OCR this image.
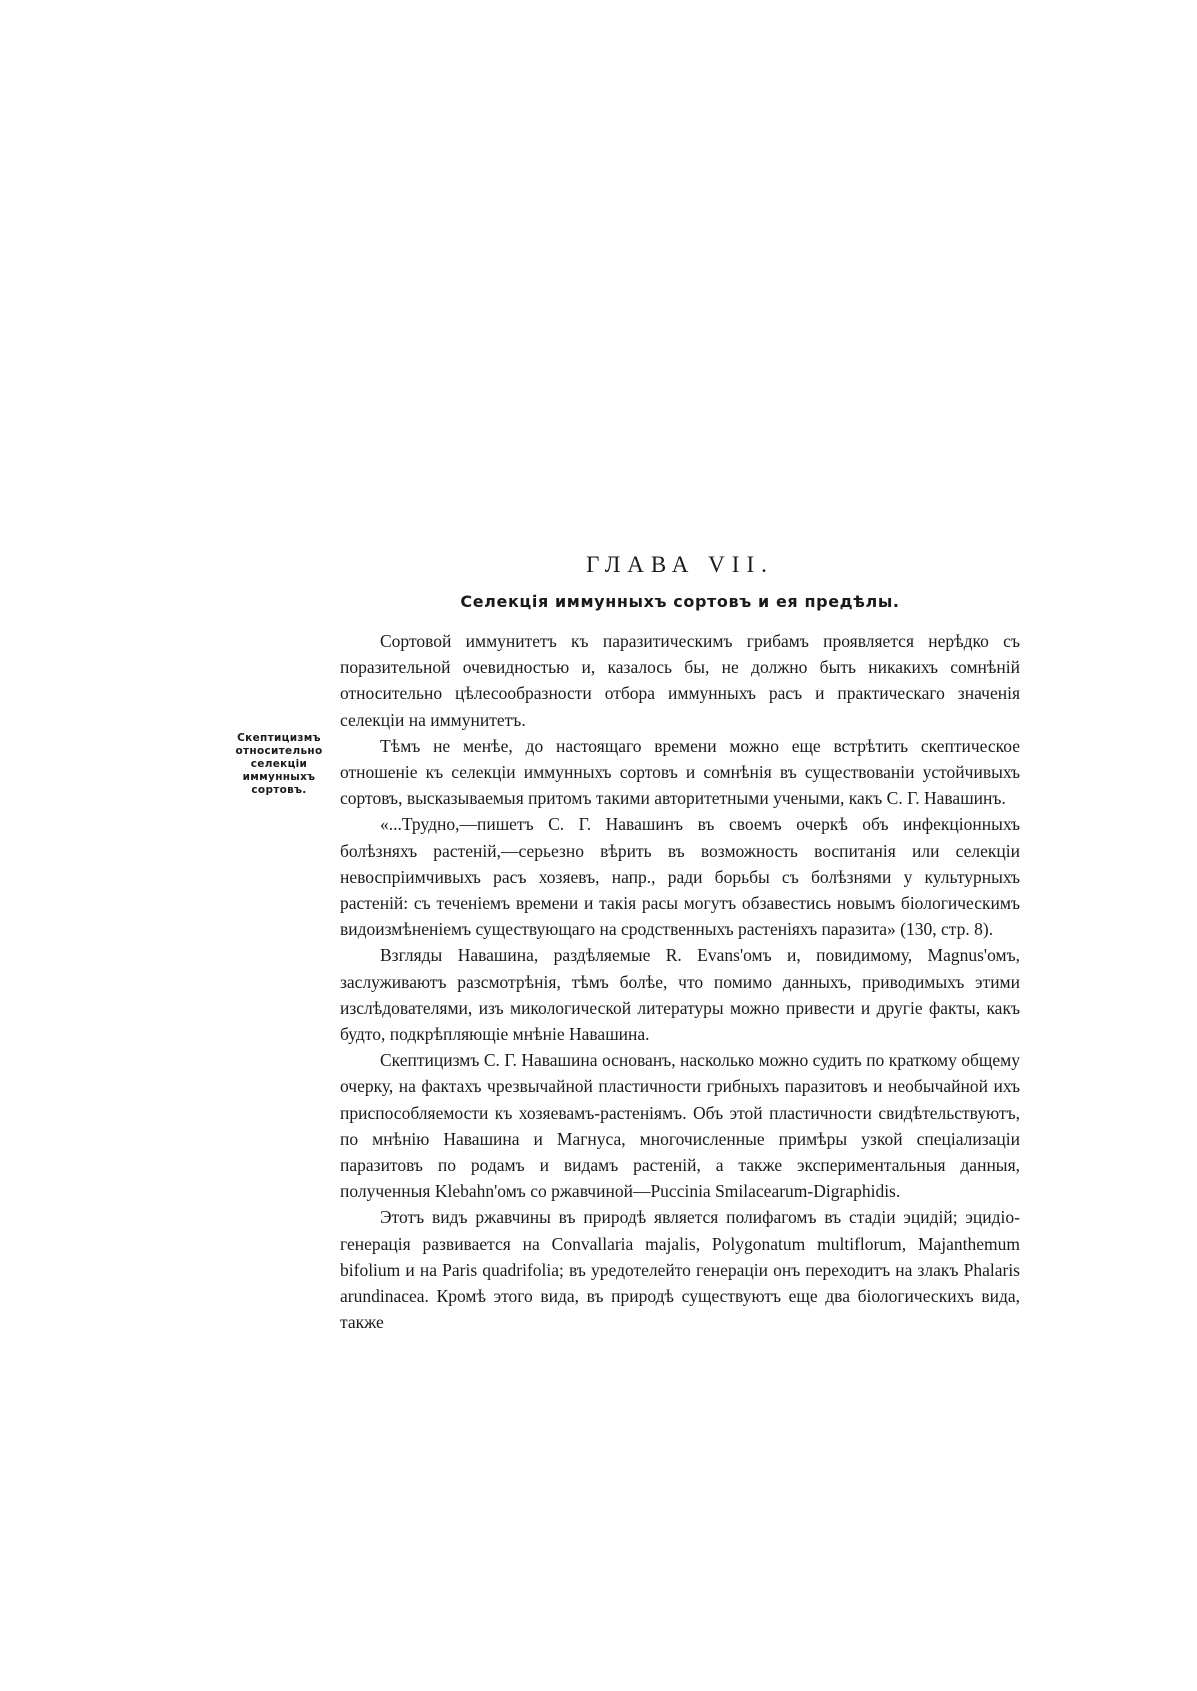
ГЛАВА VII.
Селекція иммунныхъ сортовъ и ея предѣлы.
Скептицизмъ относительно селекціи иммунныхъ сортовъ.

Сортовой иммунитетъ къ паразитическимъ грибамъ проявляется нерѣдко съ поразительной очевидностью и, казалось бы, не должно быть никакихъ сомнѣній относительно цѣлесообразности отбора иммунныхъ расъ и практическаго значенія селекціи на иммунитетъ.

Тѣмъ не менѣе, до настоящаго времени можно еще встрѣтить скептическое отношеніе къ селекціи иммунныхъ сортовъ и сомнѣнія въ существованіи устойчивыхъ сортовъ, высказываемыя притомъ такими авторитетными учеными, какъ С. Г. Навашинъ.

«...Трудно,—пишетъ С. Г. Навашинъ въ своемъ очеркѣ объ инфекціонныхъ болѣзняхъ растеній,—серьезно вѣрить въ возможность воспитанія или селекціи невоспріимчивыхъ расъ хозяевъ, напр., ради борьбы съ болѣзнями у культурныхъ растеній: съ теченіемъ времени и такія расы могутъ обзавестись новымъ біологическимъ видоизмѣненіемъ существующаго на сродственныхъ растеніяхъ паразита» (130, стр. 8).

Взгляды Навашина, раздѣляемые R. Evans'омъ и, повидимому, Magnus'омъ, заслуживаютъ разсмотрѣнія, тѣмъ болѣе, что помимо данныхъ, приводимыхъ этими изслѣдователями, изъ микологической литературы можно привести и другіе факты, какъ будто, подкрѣпляющіе мнѣніе Навашина.

Скептицизмъ С. Г. Навашина основанъ, насколько можно судить по краткому общему очерку, на фактахъ чрезвычайной пластичности грибныхъ паразитовъ и необычайной ихъ приспособляемости къ хозяевамъ-растеніямъ. Объ этой пластичности свидѣтельствуютъ, по мнѣнію Навашина и Магнуса, многочисленные примѣры узкой спеціализаціи паразитовъ по родамъ и видамъ растеній, а также экспериментальныя данныя, полученныя Klebahn'омъ со ржавчиной—Puccinia Smilacearum-Digraphidis.

Этотъ видъ ржавчины въ природѣ является полифагомъ въ стадіи эцидій; эцидіо-генерація развивается на Convallaria majalis, Polygonatum multiflorum, Majanthemum bifolium и на Paris quadrifolia; въ уредотелейто генераціи онъ переходитъ на злакъ Phalaris arundinacea. Кромѣ этого вида, въ природѣ существуютъ еще два біологическихъ вида, также
